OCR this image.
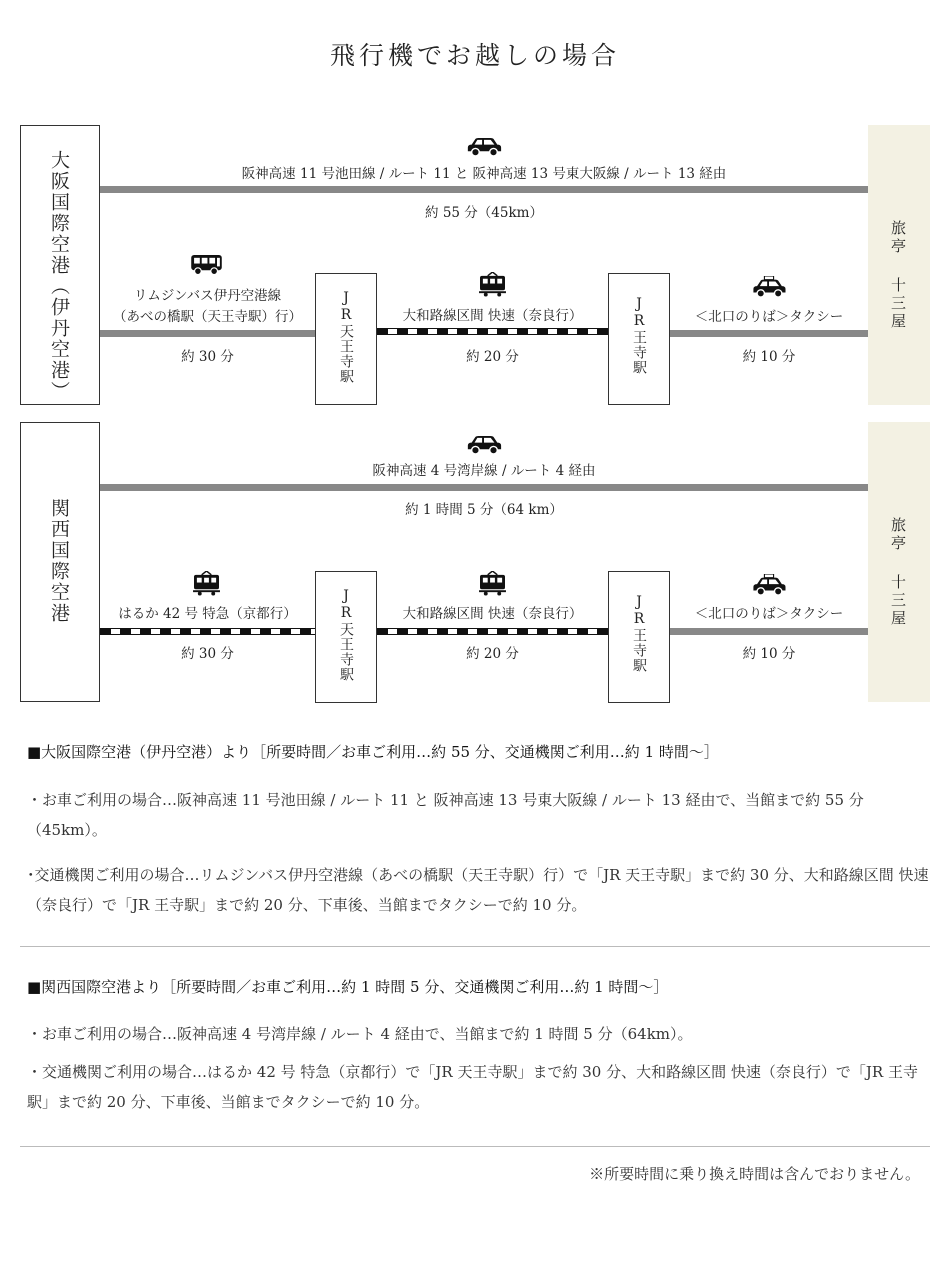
飛行機でお越しの場合
大阪国際空港（伊丹空港）	阪神高速 11 号池田線 / ルート 11 と 阪神高速 13 号東大阪線 / ルート 13 経由
約 55 分（45km）
リムジンバス伊丹空港線
（あべの橋駅（天王寺駅）行）
約 30 分	JR天王寺駅	大和路線区間 快速（奈良行）
約 20 分	JR王寺駅	＜北口のりば＞タクシー
約 10 分
旅亭 十三屋
関西国際空港
阪神高速 4 号湾岸線 / ルート 4 経由
約 1 時間 5 分（64 km）
はるか 42 号 特急（京都行）
約 30 分	JR天王寺駅	大和路線区間 快速（奈良行）
約 20 分	JR王寺駅	＜北口のりば＞タクシー
約 10 分
旅亭 十三屋
■大阪国際空港（伊丹空港）より［所要時間／お車ご利用…約 55 分、交通機関ご利用…約 1 時間〜］
・お車ご利用の場合…阪神高速 11 号池田線 / ルート 11 と 阪神高速 13 号東大阪線 / ルート 13 経由で、当館まで約 55 分（45km）。
･交通機関ご利用の場合…リムジンバス伊丹空港線（あべの橋駅（天王寺駅）行）で「JR 天王寺駅」まで約 30 分、大和路線区間 快速（奈良行）で「JR 王寺駅」まで約 20 分、下車後、当館までタクシーで約 10 分。
■関西国際空港より［所要時間／お車ご利用…約 1 時間 5 分、交通機関ご利用…約 1 時間〜］
・お車ご利用の場合…阪神高速 4 号湾岸線 / ルート 4 経由で、当館まで約 1 時間 5 分（64km）。
・交通機関ご利用の場合…はるか 42 号 特急（京都行）で「JR 天王寺駅」まで約 30 分、大和路線区間 快速（奈良行）で「JR 王寺駅」まで約 20 分、下車後、当館までタクシーで約 10 分。
※所要時間に乗り換え時間は含んでおりません。
